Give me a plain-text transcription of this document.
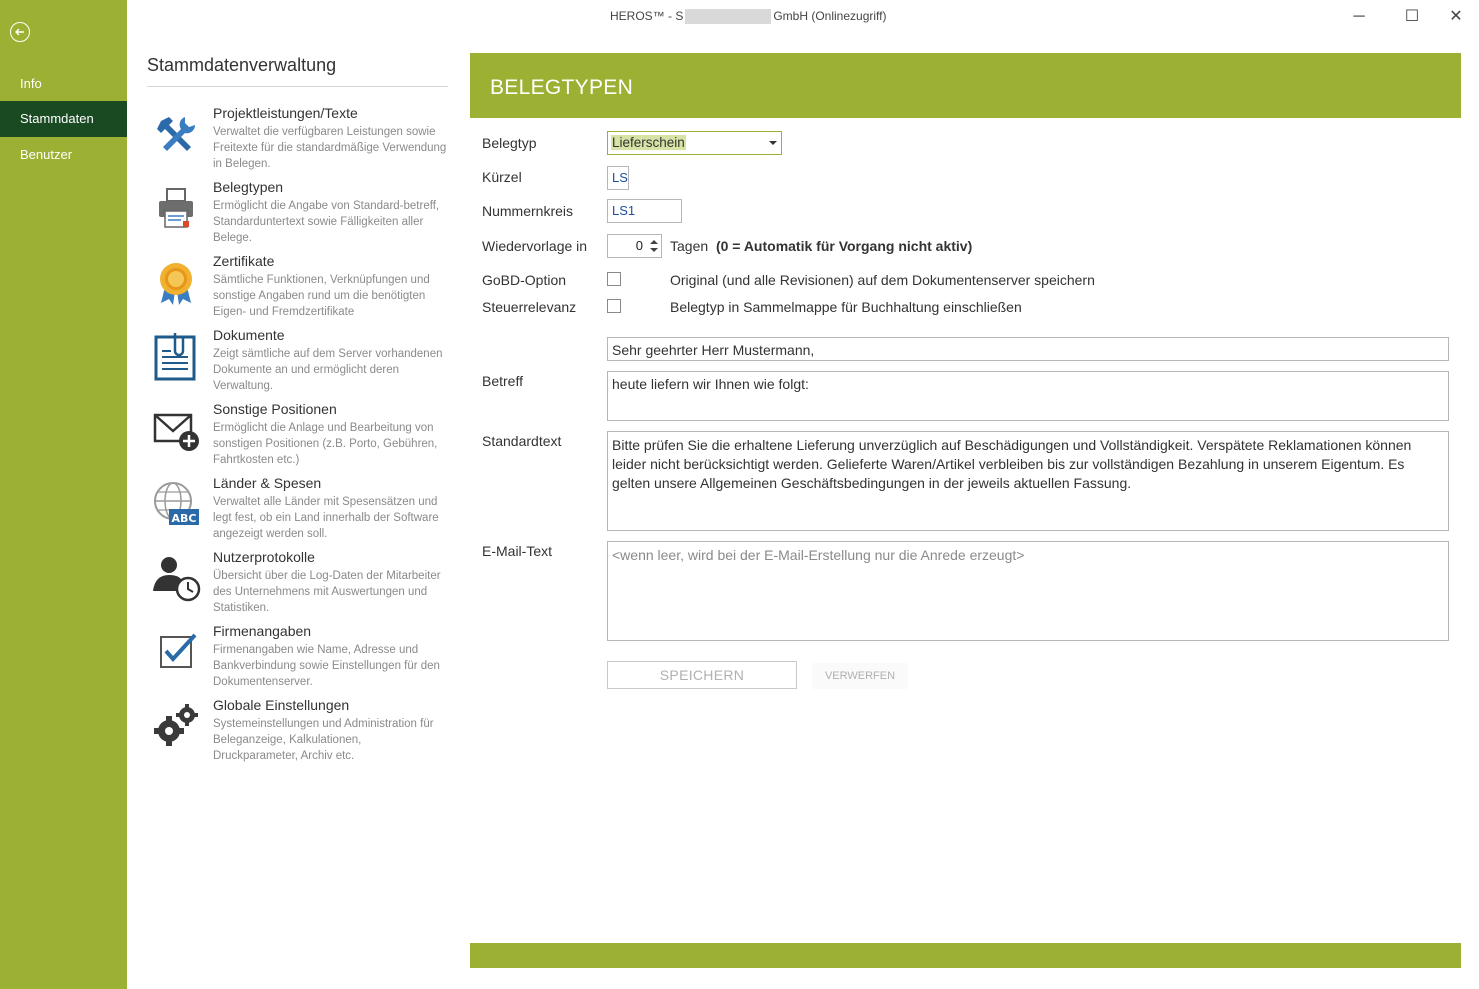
Info
Stammdaten
Benutzer
HEROS™ - S	GmbH (Onlinezugriff)	─	☐	✕
Stammdatenverwaltung
Projektleistungen/Texte
Verwaltet die verfügbaren Leistungen sowie Freitexte für die standardmäßige Verwendung in Belegen.
Belegtypen
Ermöglicht die Angabe von Standard-betreff, Standarduntertext sowie Fälligkeiten aller Belege.
Zertifikate
Sämtliche Funktionen, Verknüpfungen und sonstige Angaben rund um die benötigten Eigen- und Fremdzertifikate
Dokumente
Zeigt sämtliche auf dem Server vorhandenen Dokumente an und ermöglicht deren Verwaltung.
Sonstige Positionen
Ermöglicht die Anlage und Bearbeitung von sonstigen Positionen (z.B. Porto, Gebühren, Fahrtkosten etc.)
ABC
Länder & Spesen
Verwaltet alle Länder mit Spesensätzen und legt fest, ob ein Land innerhalb der Software angezeigt werden soll.
Nutzerprotokolle
Übersicht über die Log-Daten der Mitarbeiter des Unternehmens mit Auswertungen und Statistiken.
Firmenangaben
Firmenangaben wie Name, Adresse und Bankverbindung sowie Einstellungen für den Dokumentenserver.
Globale Einstellungen
Systemeinstellungen und Administration für Beleganzeige, Kalkulationen, Druckparameter, Archiv etc.
BELEGTYPEN
Belegtyp	Lieferschein
Kürzel	LS
Nummernkreis	LS1
Wiedervorlage in	0	Tagen (0 = Automatik für Vorgang nicht aktiv)
GoBD-Option	Original (und alle Revisionen) auf dem Dokumentenserver speichern
Steuerrelevanz	Belegtyp in Sammelmappe für Buchhaltung einschließen
Sehr geehrter Herr Mustermann,
Betreff	heute liefern wir Ihnen wie folgt:
Standardtext	Bitte prüfen Sie die erhaltene Lieferung unverzüglich auf Beschädigungen und Vollständigkeit. Verspätete Reklamationen können leider nicht berücksichtigt werden. Gelieferte Waren/Artikel verbleiben bis zur vollständigen Bezahlung in unserem Eigentum. Es gelten unsere Allgemeinen Geschäftsbedingungen in der jeweils aktuellen Fassung.
E-Mail-Text	<wenn leer, wird bei der E-Mail-Erstellung nur die Anrede erzeugt>
SPEICHERN	VERWERFEN
